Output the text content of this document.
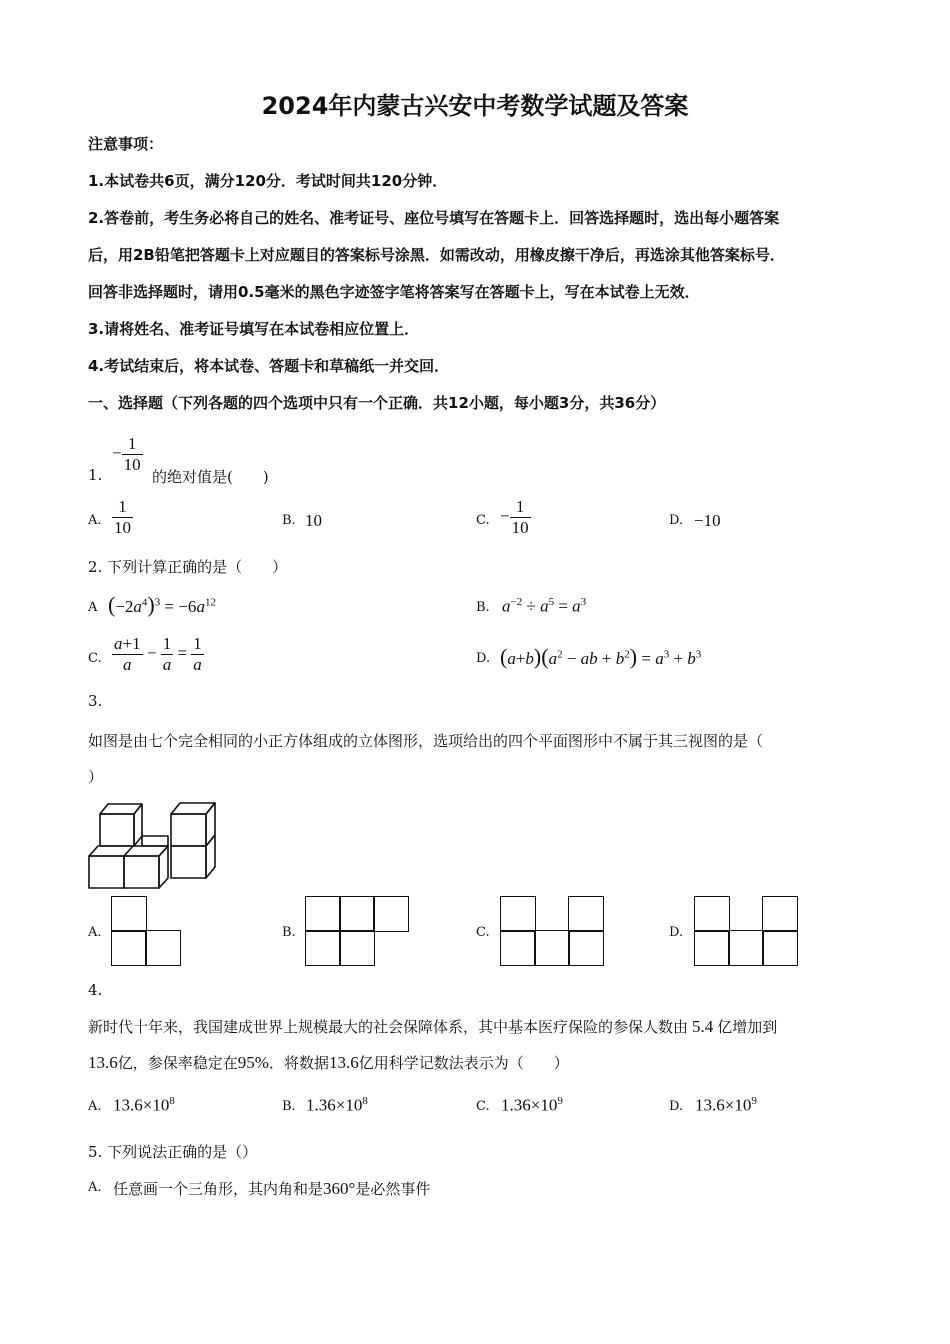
2024年内蒙古兴安中考数学试题及答案
注意事项：
1.本试卷共6页，满分120分．考试时间共120分钟．
2.答卷前，考生务必将自己的姓名、准考证号、座位号填写在答题卡上．回答选择题时，选出每小题答案
后，用2B铅笔把答题卡上对应题目的答案标号涂黑．如需改动，用橡皮擦干净后，再选涂其他答案标号．
回答非选择题时，请用0.5毫米的黑色字迹签字笔将答案写在答题卡上，写在本试卷上无效．
3.请将姓名、准考证号填写在本试卷相应位置上．
4.考试结束后，将本试卷、答题卡和草稿纸一并交回．
一、选择题（下列各题的四个选项中只有一个正确．共12小题，每小题3分，共36分）
1.
− $\frac{1}{10}$
的绝对值是(　　)
A. $\frac{1}{10}$	B. 10	C. − $\frac{1}{10}$	D. −10
2. 下列计算正确的是（　　）
A $(-2a^4)^3 = -6a^{12}$	B. $a^{-2} \div a^5 = a^3$
C. $\frac{a+1}{a} - \frac{1}{a} = \frac{1}{a}$	D. $(a+b)(a^2$ − ab + $b^2) = a^3 + b^3$
3.
如图是由七个完全相同的小正方体组成的立体图形，选项给出的四个平面图形中不属于其三视图的是（
）
A.	B.	C.	D.
4.
新时代十年来，我国建成世界上规模最大的社会保障体系，其中基本医疗保险的参保人数由 5.4 亿增加到
13.6亿，参保率稳定在95%．将数据13.6亿用科学记数法表示为（　　）
A. $13.6\times 10^8$	B. $1.36\times 10^8$	C. $1.36\times 10^9$	D. $13.6\times 10^9$
5. 下列说法正确的是（）
A. 任意画一个三角形，其内角和是360°是必然事件
